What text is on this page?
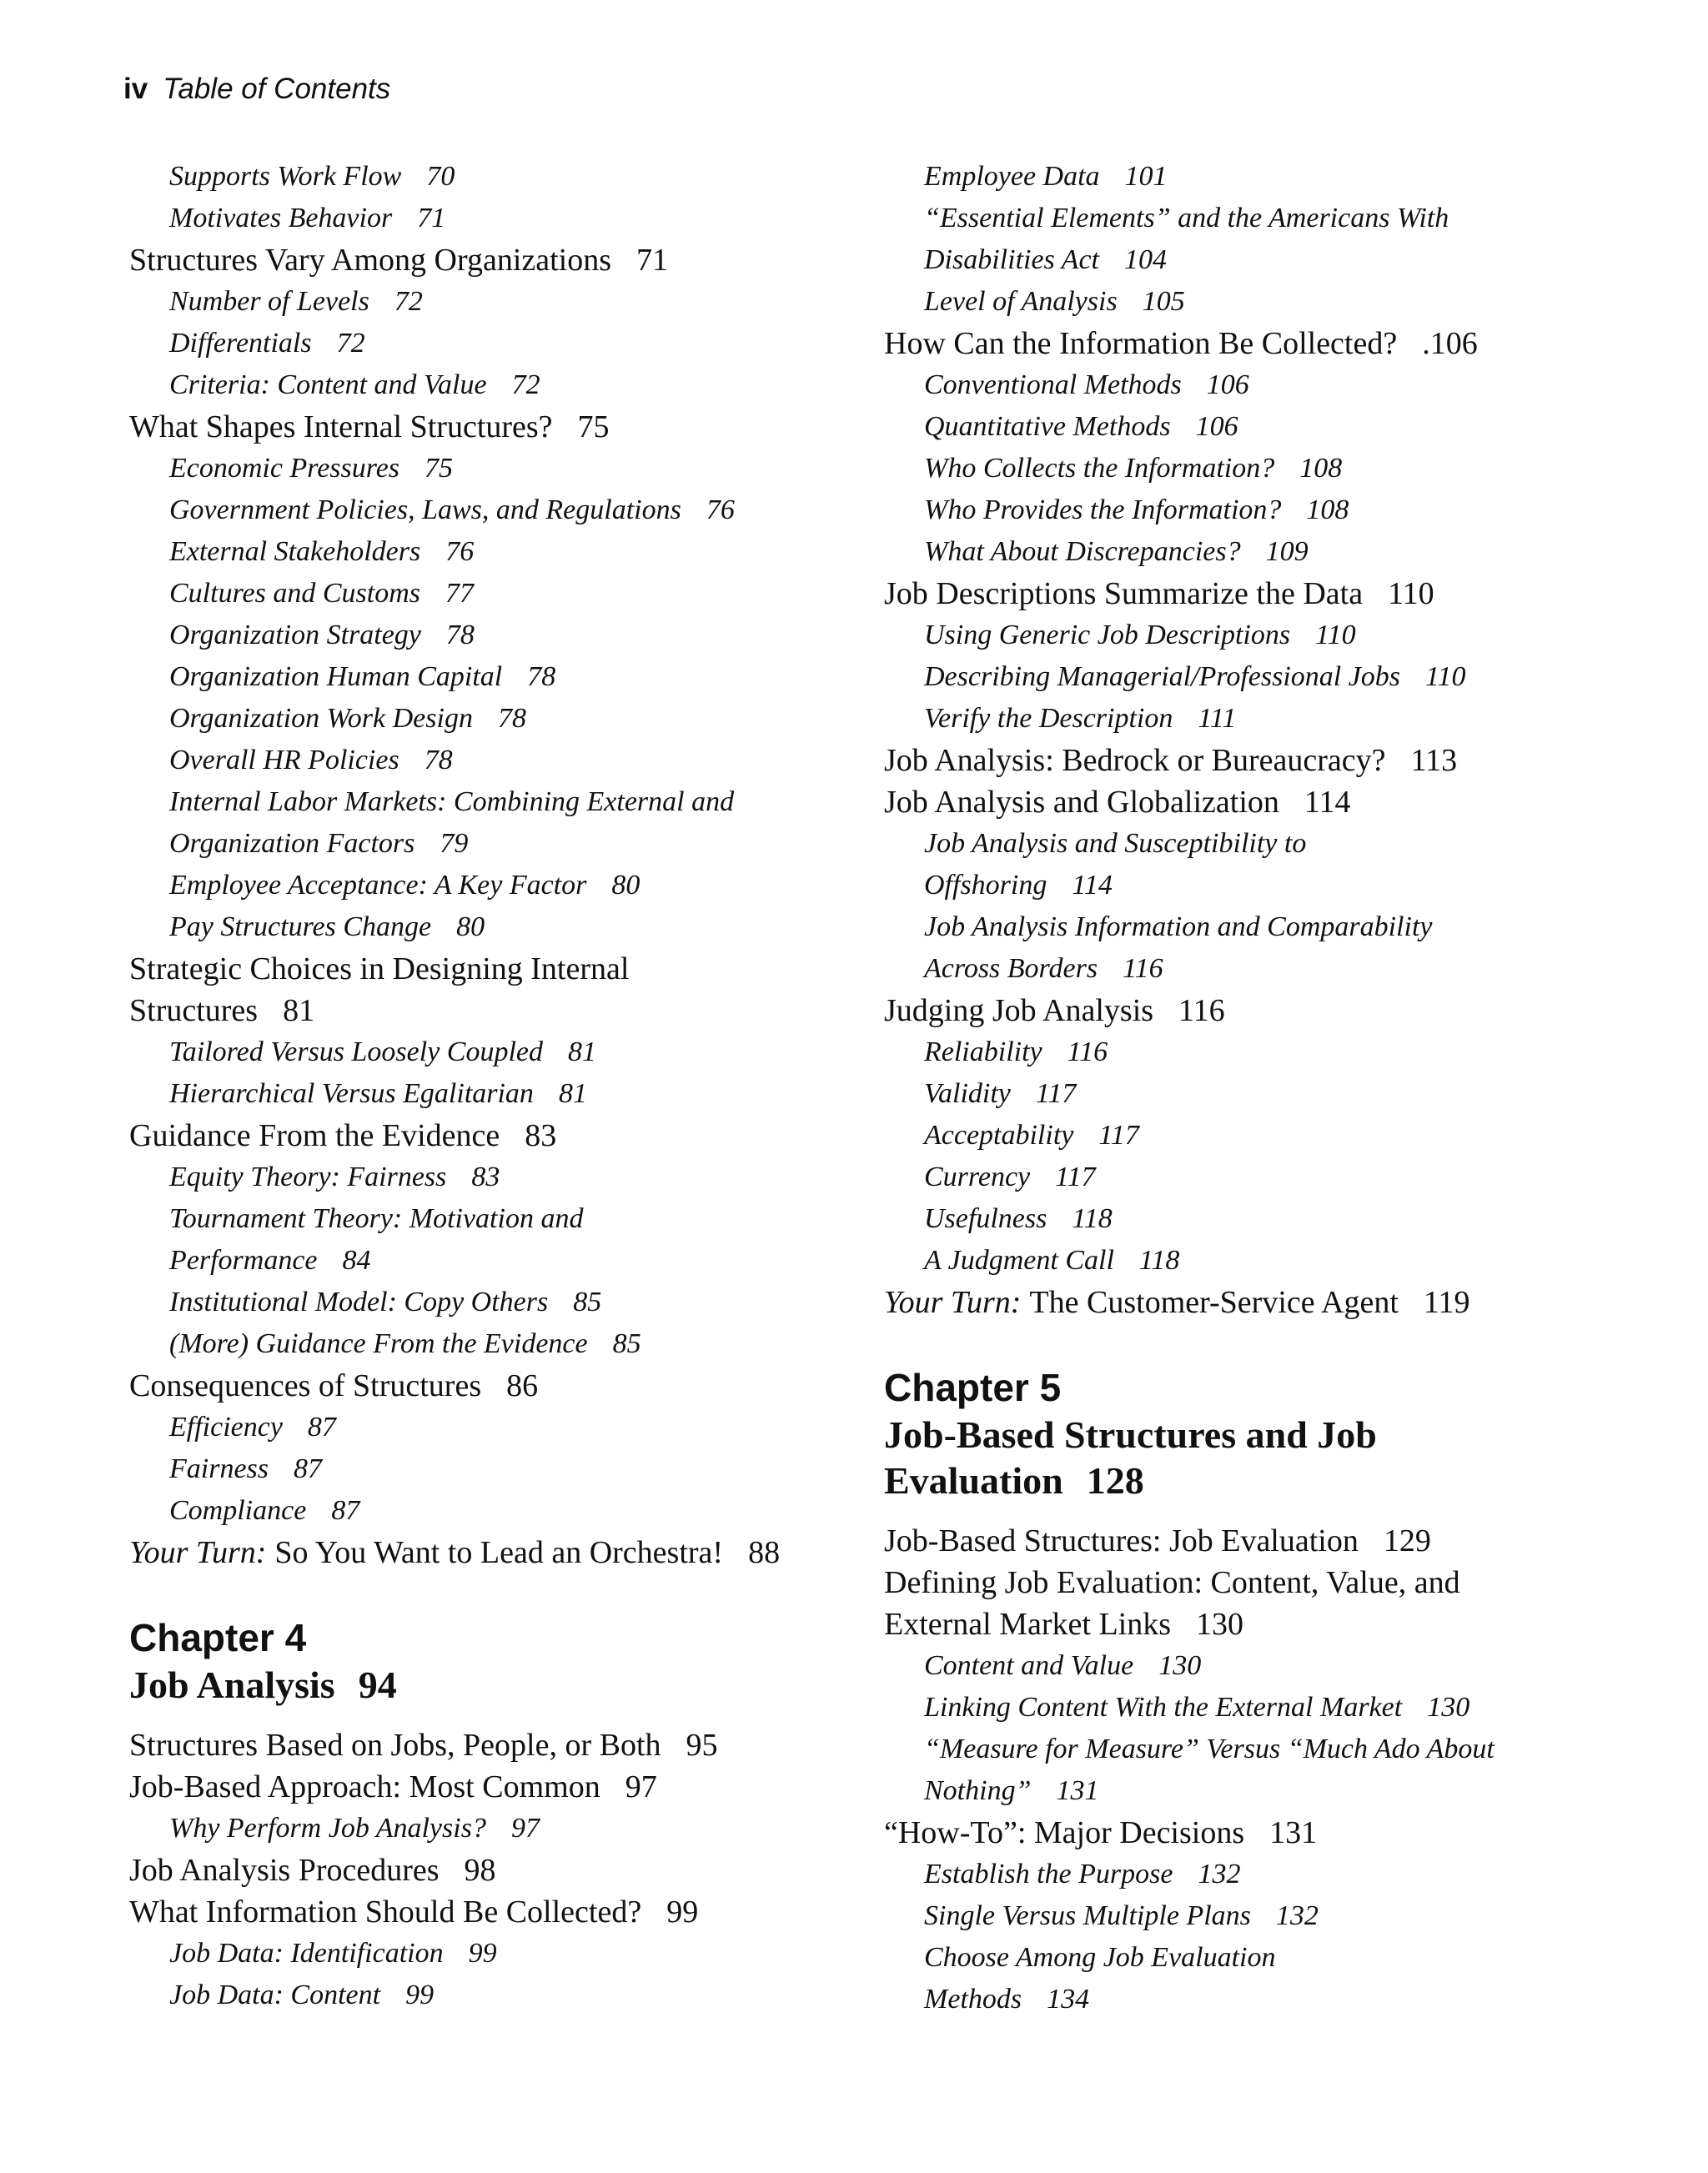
iv Table of Contents
Supports Work Flow 70
Motivates Behavior 71
Structures Vary Among Organizations 71
Number of Levels 72
Differentials 72
Criteria: Content and Value 72
What Shapes Internal Structures? 75
Economic Pressures 75
Government Policies, Laws, and Regulations 76
External Stakeholders 76
Cultures and Customs 77
Organization Strategy 78
Organization Human Capital 78
Organization Work Design 78
Overall HR Policies 78
Internal Labor Markets: Combining External and
Organization Factors 79
Employee Acceptance: A Key Factor 80
Pay Structures Change 80
Strategic Choices in Designing Internal
Structures 81
Tailored Versus Loosely Coupled 81
Hierarchical Versus Egalitarian 81
Guidance From the Evidence 83
Equity Theory: Fairness 83
Tournament Theory: Motivation and
Performance 84
Institutional Model: Copy Others 85
(More) Guidance From the Evidence 85
Consequences of Structures 86
Efficiency 87
Fairness 87
Compliance 87
Your Turn: So You Want to Lead an Orchestra! 88
Chapter 4
Job Analysis 94
Structures Based on Jobs, People, or Both 95
Job-Based Approach: Most Common 97
Why Perform Job Analysis? 97
Job Analysis Procedures 98
What Information Should Be Collected? 99
Job Data: Identification 99
Job Data: Content 99
Employee Data 101
“Essential Elements” and the Americans With
Disabilities Act 104
Level of Analysis 105
How Can the Information Be Collected? .106
Conventional Methods 106
Quantitative Methods 106
Who Collects the Information? 108
Who Provides the Information? 108
What About Discrepancies? 109
Job Descriptions Summarize the Data 110
Using Generic Job Descriptions 110
Describing Managerial/Professional Jobs 110
Verify the Description 111
Job Analysis: Bedrock or Bureaucracy? 113
Job Analysis and Globalization 114
Job Analysis and Susceptibility to
Offshoring 114
Job Analysis Information and Comparability
Across Borders 116
Judging Job Analysis 116
Reliability 116
Validity 117
Acceptability 117
Currency 117
Usefulness 118
A Judgment Call 118
Your Turn: The Customer-Service Agent 119
Chapter 5
Job-Based Structures and Job Evaluation 128
Job-Based Structures: Job Evaluation 129
Defining Job Evaluation: Content, Value, and
External Market Links 130
Content and Value 130
Linking Content With the External Market 130
“Measure for Measure” Versus “Much Ado About
Nothing” 131
“How-To”: Major Decisions 131
Establish the Purpose 132
Single Versus Multiple Plans 132
Choose Among Job Evaluation
Methods 134
